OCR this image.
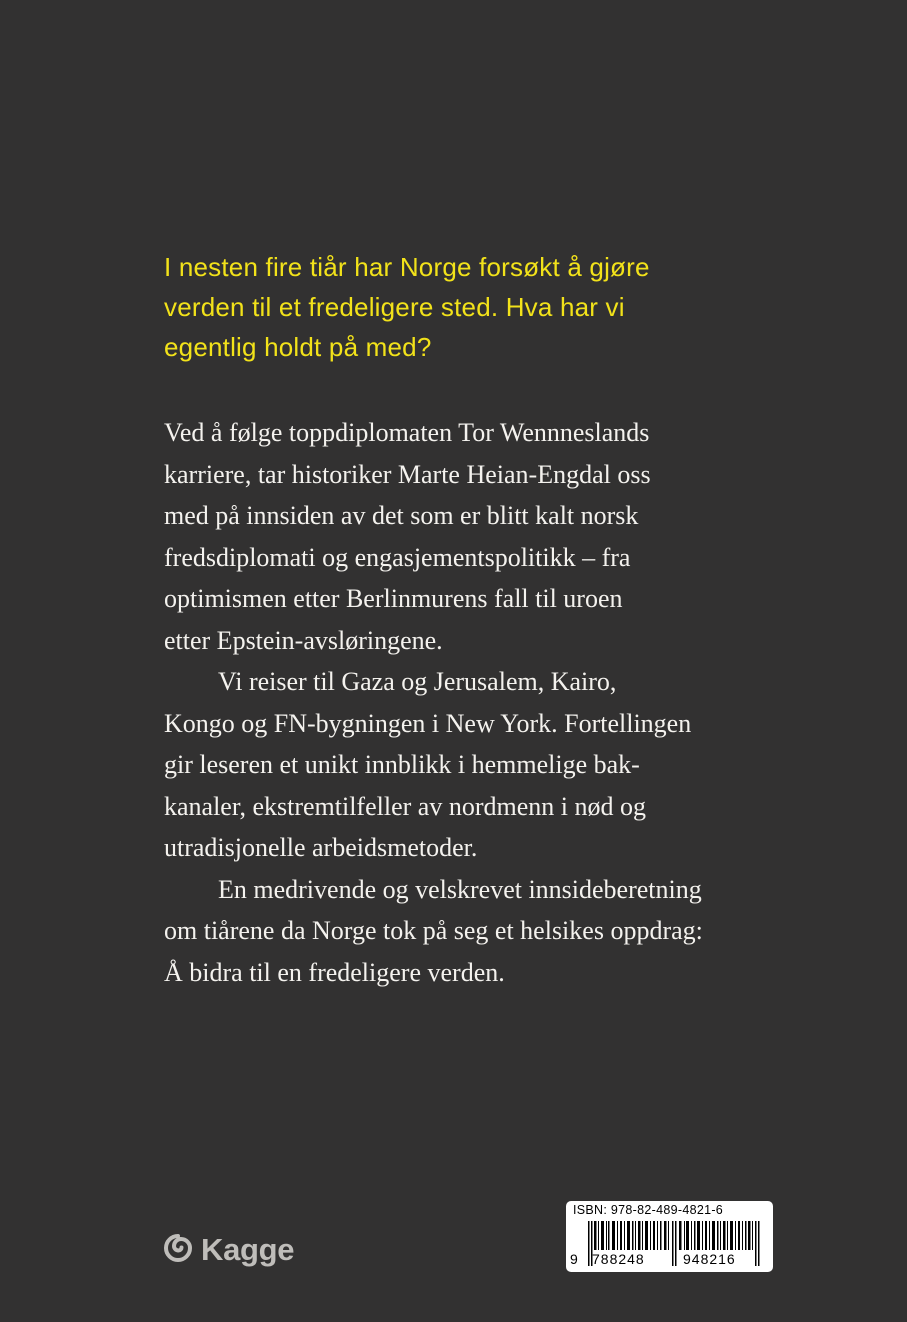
I nesten fire tiår har Norge forsøkt å gjøre
verden til et fredeligere sted. Hva har vi
egentlig holdt på med?
Ved å følge toppdiplomaten Tor Wennneslands
karriere, tar historiker Marte Heian-Engdal oss
med på innsiden av det som er blitt kalt norsk
fredsdiplomati og engasjementspolitikk – fra
optimismen etter Berlinmurens fall til uroen
etter Epstein-avsløringene.
Vi reiser til Gaza og Jerusalem, Kairo,
Kongo og FN-bygningen i New York. Fortellingen
gir leseren et unikt innblikk i hemmelige bak-
kanaler, ekstremtilfeller av nordmenn i nød og
utradisjonelle arbeidsmetoder.
En medrivende og velskrevet innsideberetning
om tiårene da Norge tok på seg et helsikes oppdrag:
Å bidra til en fredeligere verden.
Kagge
ISBN: 978-82-489-4821-6
9 788248	948216
